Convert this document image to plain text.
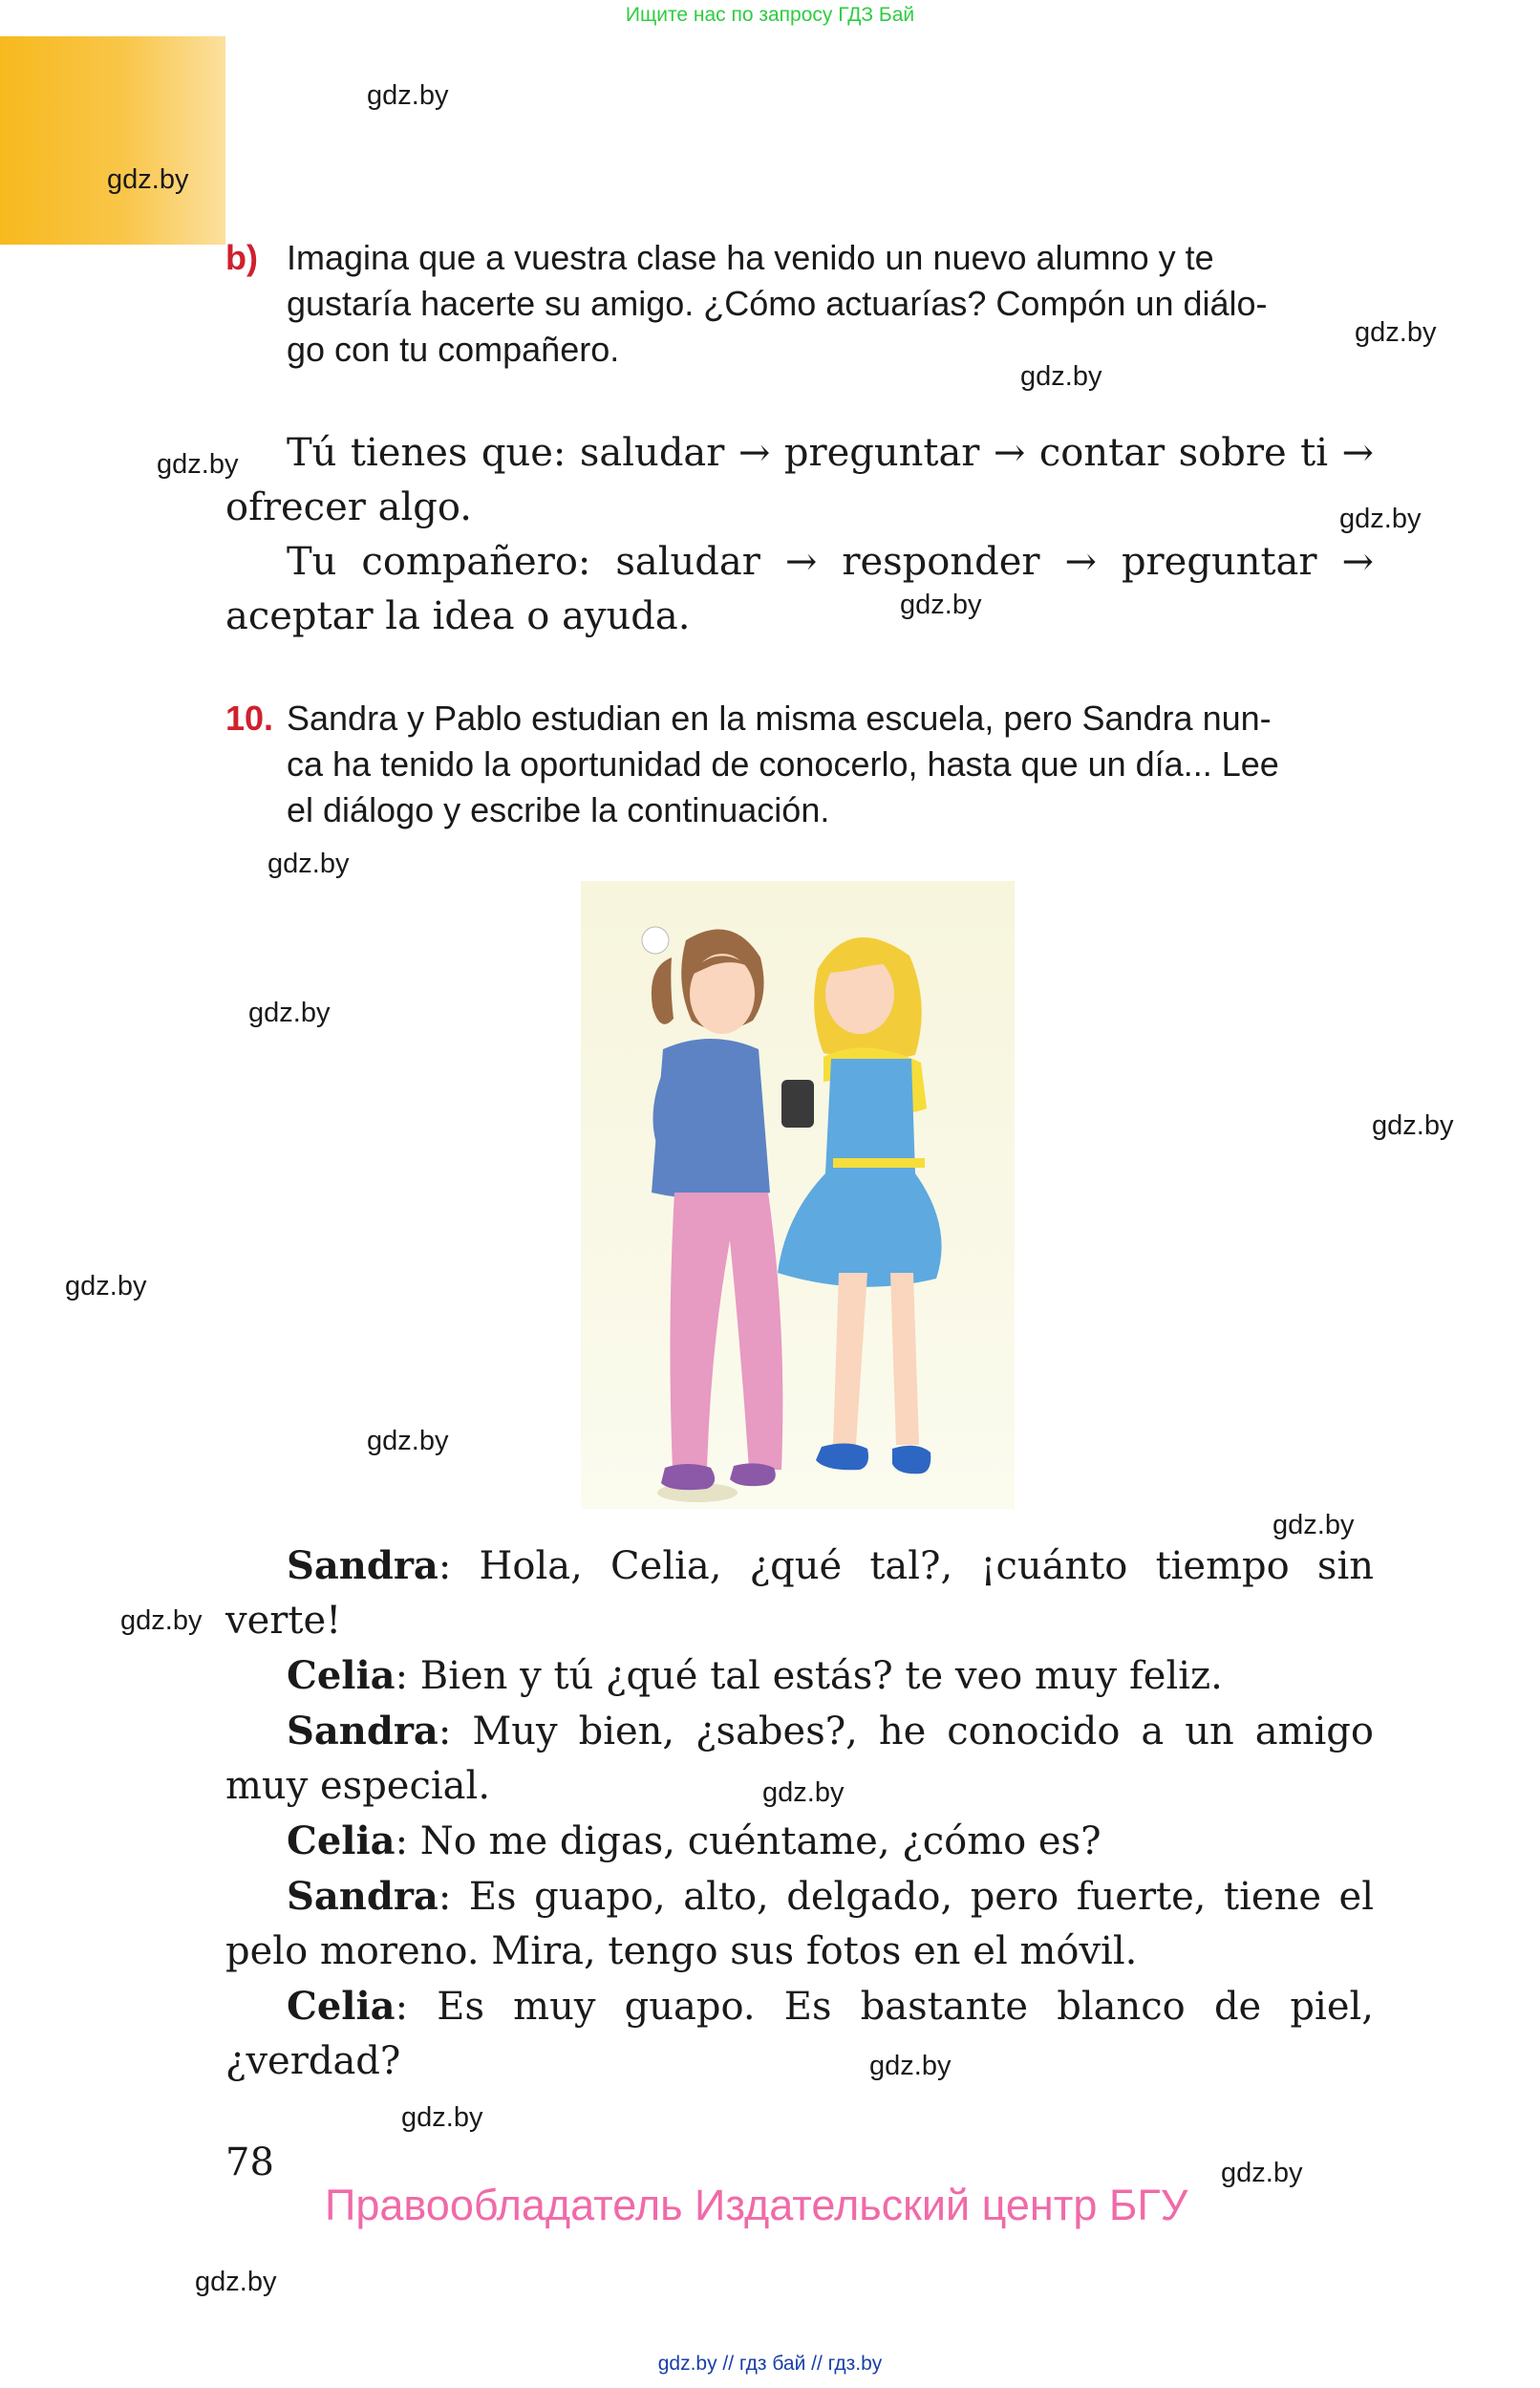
Ищите нас по запросу ГДЗ Бай
gdz.by
gdz.by
gdz.by
gdz.by
gdz.by
gdz.by
gdz.by
gdz.by
gdz.by
gdz.by
gdz.by
gdz.by
gdz.by
gdz.by
gdz.by
gdz.by
gdz.by
gdz.by
gdz.by
b) Imagina que a vuestra clase ha venido un nuevo alumno y te
gustaría hacerte su amigo. ¿Cómo actuarías? Compón un diálo-
go con tu compañero.
Tú tienes que: saludar → preguntar → contar sobre ti → ofrecer algo.
Tu compañero: saludar → responder → preguntar → aceptar la idea o ayuda.
10. Sandra y Pablo estudian en la misma escuela, pero Sandra nun-
ca ha tenido la oportunidad de conocerlo, hasta que un día... Lee
el diálogo y escribe la continuación.
Sandra: Hola, Celia, ¿qué tal?, ¡cuánto tiempo sin verte!
Celia: Bien y tú ¿qué tal estás? te veo muy feliz.
Sandra: Muy bien, ¿sabes?, he conocido a un amigo muy especial.
Celia: No me digas, cuéntame, ¿cómo es?
Sandra: Es guapo, alto, delgado, pero fuerte, tiene el pelo moreno. Mira, tengo sus fotos en el móvil.
Celia: Es muy guapo. Es bastante blanco de piel, ¿verdad?
78
Правообладатель Издательский центр БГУ
gdz.by // гдз бай // гдз.by
